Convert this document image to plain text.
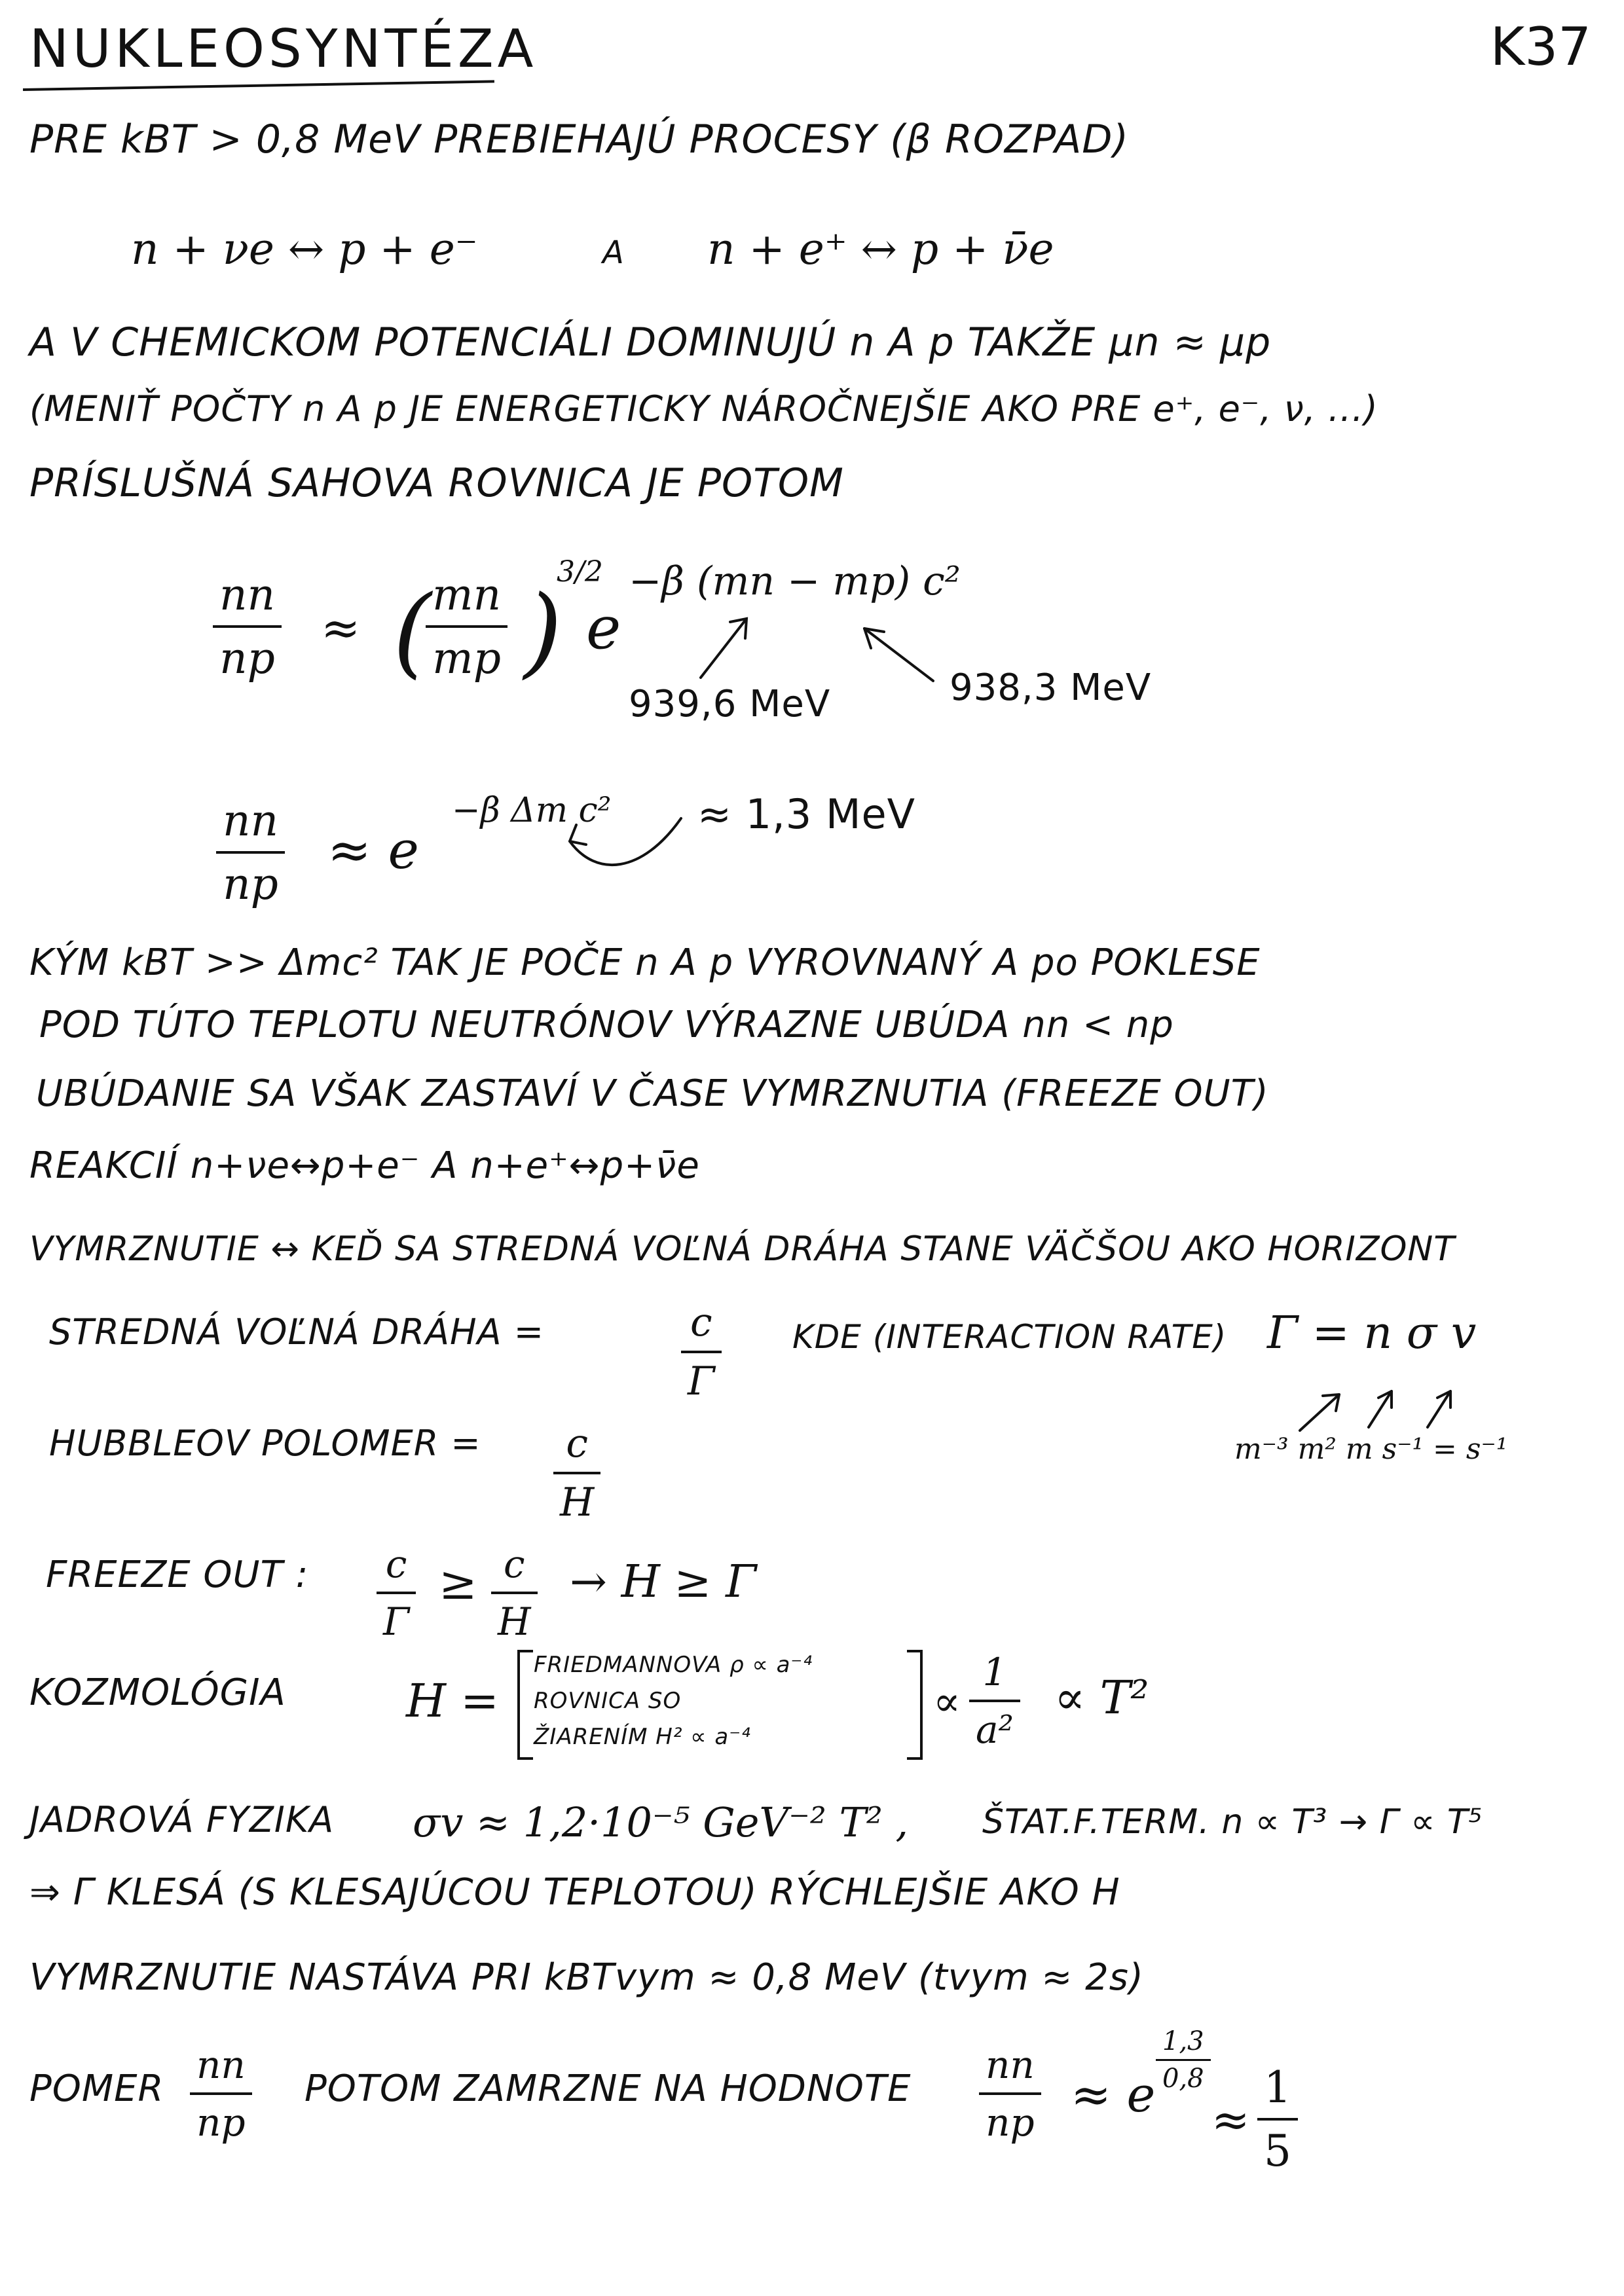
NUKLEOSYNTÉZA	K37
PRE kBT > 0,8 MeV PREBIEHAJÚ PROCESY (β ROZPAD)
n + νe ↔ p + e⁻	A n + e⁺ ↔ p + ν̄e
A V CHEMICKOM POTENCIÁLI DOMINUJÚ n A p TAKŽE μn ≈ μp
(MENIŤ POČTY n A p JE ENERGETICKY NÁROČNEJŠIE AKO PRE e⁺, e⁻, ν, ...)
PRÍSLUŠNÁ SAHOVA ROVNICA JE POTOM
nn
np
≈ ( mn
mp )
3/2
e
−β (mn − mp) c²
939,6 MeV	938,3 MeV
nn
np
≈ e
−β Δm c² ≈ 1,3 MeV
KÝM kBT >> Δmc² TAK JE POČE n A p VYROVNANÝ A po POKLESE
POD TÚTO TEPLOTU NEUTRÓNOV VÝRAZNE UBÚDA nn < np
UBÚDANIE SA VŠAK ZASTAVÍ V ČASE VYMRZNUTIA (FREEZE OUT)
REAKCIÍ n+νe↔p+e⁻ A n+e⁺↔p+ν̄e
VYMRZNUTIE ↔ KEĎ SA STREDNÁ VOĽNÁ DRÁHA STANE VÄČŠOU AKO HORIZONT
STREDNÁ VOĽNÁ DRÁHA =	c
Γ
KDE (INTERACTION RATE) Γ = n σ v
m⁻³ m² m s⁻¹ = s⁻¹
HUBBLEOV POLOMER =	c
H
FREEZE OUT : c
Γ
≥ c
H
→ H ≥ Γ
KOZMOLÓGIA	H =
FRIEDMANNOVA ρ ∝ a⁻⁴
ROVNICA SO
ŽIARENÍM H² ∝ a⁻⁴
∝
1
a²
∝ T²
JADROVÁ FYZIKA σv ≈ 1,2·10⁻⁵ GeV⁻² T² , ŠTAT.F.TERM. n ∝ T³ → Γ ∝ T⁵
⇒ Γ KLESÁ (S KLESAJÚCOU TEPLOTOU) RÝCHLEJŠIE AKO H
VYMRZNUTIE NASTÁVA PRI kBTvym ≈ 0,8 MeV (tvym ≈ 2s)
POMER
nn
np
POTOM ZAMRZNE NA HODNOTE
nn
np ≈ e
1,3
0,8
≈
1
5
